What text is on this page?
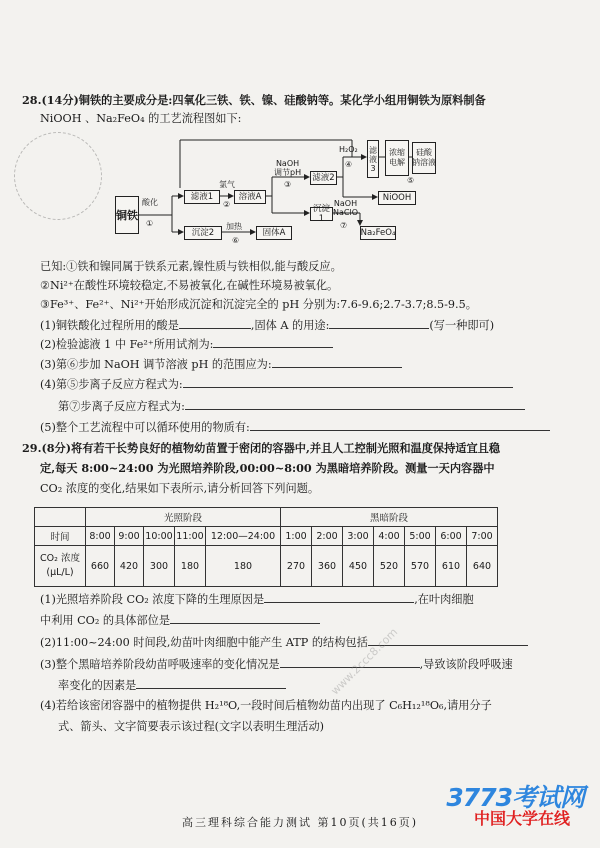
28.(14分)铜铁的主要成分是:四氧化三铁、铁、镍、硅酸钠等。某化学小组用铜铁为原料制备
NiOOH 、Na₂FeO₄ 的工艺流程图如下:
铜铁
酸化
①
滤液1
氯气
②
溶液A
NaOH
调节pH
③
滤液2
H₂O₂
④
滤液3
浓缩
电解
硅酸
钠溶液
⑤
NiOOH
沉淀1
NaOH
NaClO
⑦
Na₂FeO₄
沉淀2
加热
⑥
固体A
已知:①铁和镍同属于铁系元素,镍性质与铁相似,能与酸反应。
②Ni²⁺在酸性环境较稳定,不易被氧化,在碱性环境易被氧化。
③Fe³⁺、Fe²⁺、Ni²⁺开始形成沉淀和沉淀完全的 pH 分别为:7.6-9.6;2.7-3.7;8.5-9.5。
(1)铜铁酸化过程所用的酸是	,固体 A 的用途:	(写一种即可)
(2)检验滤液 1 中 Fe²⁺所用试剂为:
(3)第⑥步加 NaOH 调节溶液 pH 的范围应为:
(4)第⑤步离子反应方程式为:
第⑦步离子反应方程式为:
(5)整个工艺流程中可以循环使用的物质有:
29.(8分)将有若干长势良好的植物幼苗置于密闭的容器中,并且人工控制光照和温度保持适宜且稳
定,每天 8:00~24:00 为光照培养阶段,00:00~8:00 为黑暗培养阶段。测量一天内容器中
CO₂ 浓度的变化,结果如下表所示,请分析回答下列问题。
	光照阶段					黑暗阶段						
时间	8:00	9:00	10:00	11:00	12:00—24:00	1:00	2:00	3:00	4:00	5:00	6:00	7:00
CO₂ 浓度
(μL/L)	660	420	300	180	180	270	360	450	520	570	610	640
(1)光照培养阶段 CO₂ 浓度下降的生理原因是	,在叶肉细胞
中利用 CO₂ 的具体部位是
(2)11:00~24:00 时间段,幼苗叶肉细胞中能产生 ATP 的结构包括
(3)整个黑暗培养阶段幼苗呼吸速率的变化情况是	,导致该阶段呼吸速
率变化的因素是
(4)若给该密闭容器中的植物提供 H₂¹⁸O,一段时间后植物幼苗内出现了 C₆H₁₂¹⁸O₆,请用分子
式、箭头、文字简要表示该过程(文字以表明生理活动)
www.2ccc8.com
高三理科综合能力测试 第10页(共16页)
3773考试网
中国大学在线
